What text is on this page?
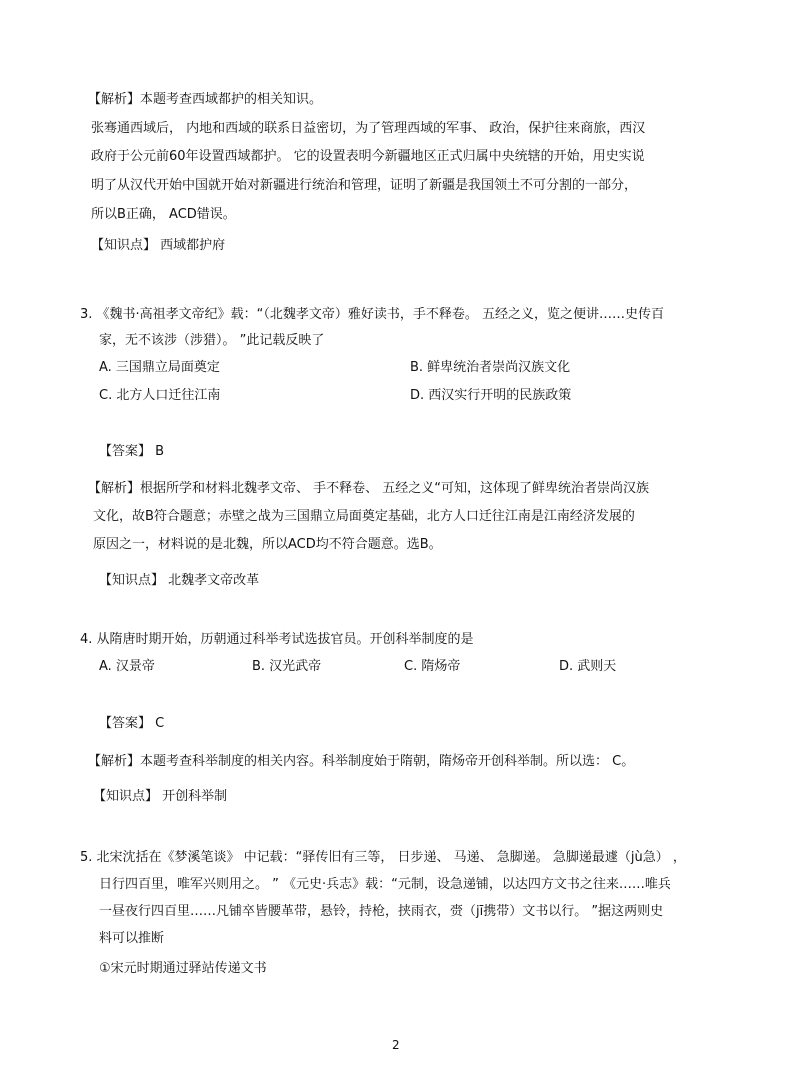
【解析】本题考查西域都护的相关知识。
张骞通西域后， 内地和西域的联系日益密切，为了管理西域的军事、 政治，保护往来商旅，西汉
政府于公元前60年设置西域都护。 它的设置表明今新疆地区正式归属中央统辖的开始，用史实说
明了从汉代开始中国就开始对新疆进行统治和管理，证明了新疆是我国领土不可分割的一部分，
所以B正确， ACD错误。
【知识点】 西域都护府
3. 《魏书·高祖孝文帝纪》载：“（北魏孝文帝）雅好读书，手不释卷。 五经之义，览之便讲……史传百
家，无不该涉（涉猎）。 ”此记载反映了
A. 三国鼎立局面奠定	B. 鲜卑统治者崇尚汉族文化
C. 北方人口迁往江南	D. 西汉实行开明的民族政策
【答案】 B
【解析】根据所学和材料北魏孝文帝、 手不释卷、 五经之义“可知，这体现了鲜卑统治者崇尚汉族
文化，故B符合题意；赤壁之战为三国鼎立局面奠定基础，北方人口迁往江南是江南经济发展的
原因之一，材料说的是北魏，所以ACD均不符合题意。选B。
【知识点】 北魏孝文帝改革
4. 从隋唐时期开始，历朝通过科举考试选拔官员。开创科举制度的是
A. 汉景帝	B. 汉光武帝	C. 隋炀帝	D. 武则天
【答案】 C
【解析】本题考查科举制度的相关内容。科举制度始于隋朝，隋炀帝开创科举制。所以选： C。
【知识点】 开创科举制
5. 北宋沈括在《梦溪笔谈》 中记载：“驿传旧有三等， 日步递、 马递、 急脚递。 急脚递最遽（jù急） ，
日行四百里，唯军兴则用之。 ” 《元史·兵志》载：“元制，设急递铺，以达四方文书之往来……唯兵
一昼夜行四百里……凡铺卒皆腰革带，悬铃，持枪，挟雨衣，赍（jī携带）文书以行。 ”据这两则史
料可以推断
①宋元时期通过驿站传递文书
2
